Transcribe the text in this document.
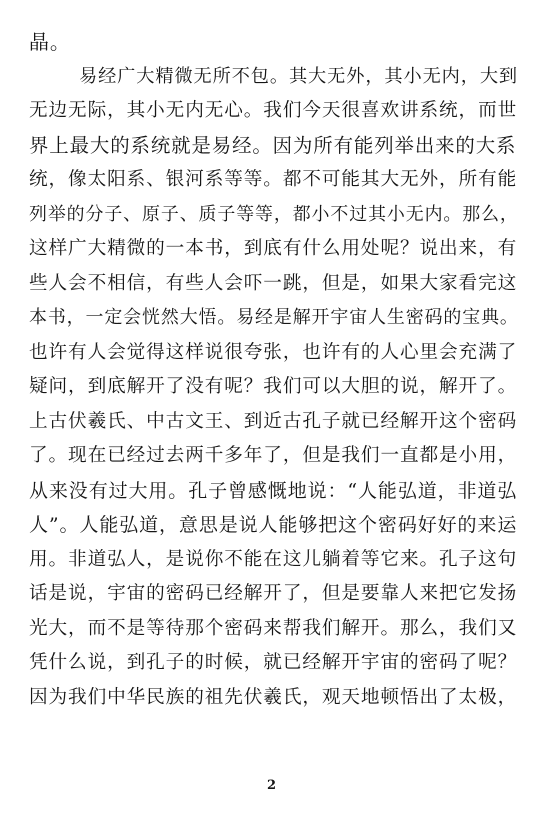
晶。
易经广大精微无所不包。其大无外，其小无内，大到
无边无际，其小无内无心。我们今天很喜欢讲系统，而世
界上最大的系统就是易经。因为所有能列举出来的大系
统，像太阳系、银河系等等。都不可能其大无外，所有能
列举的分子、原子、质子等等，都小不过其小无内。那么，
这样广大精微的一本书，到底有什么用处呢？说出来，有
些人会不相信，有些人会吓一跳，但是，如果大家看完这
本书，一定会恍然大悟。易经是解开宇宙人生密码的宝典。
也许有人会觉得这样说很夸张，也许有的人心里会充满了
疑问，到底解开了没有呢？我们可以大胆的说，解开了。
上古伏羲氏、中古文王、到近古孔子就已经解开这个密码
了。现在已经过去两千多年了，但是我们一直都是小用，
从来没有过大用。孔子曾感慨地说：“人能弘道，非道弘
人”。人能弘道，意思是说人能够把这个密码好好的来运
用。非道弘人，是说你不能在这儿躺着等它来。孔子这句
话是说，宇宙的密码已经解开了，但是要靠人来把它发扬
光大，而不是等待那个密码来帮我们解开。那么，我们又
凭什么说，到孔子的时候，就已经解开宇宙的密码了呢？
因为我们中华民族的祖先伏羲氏，观天地顿悟出了太极，
2
